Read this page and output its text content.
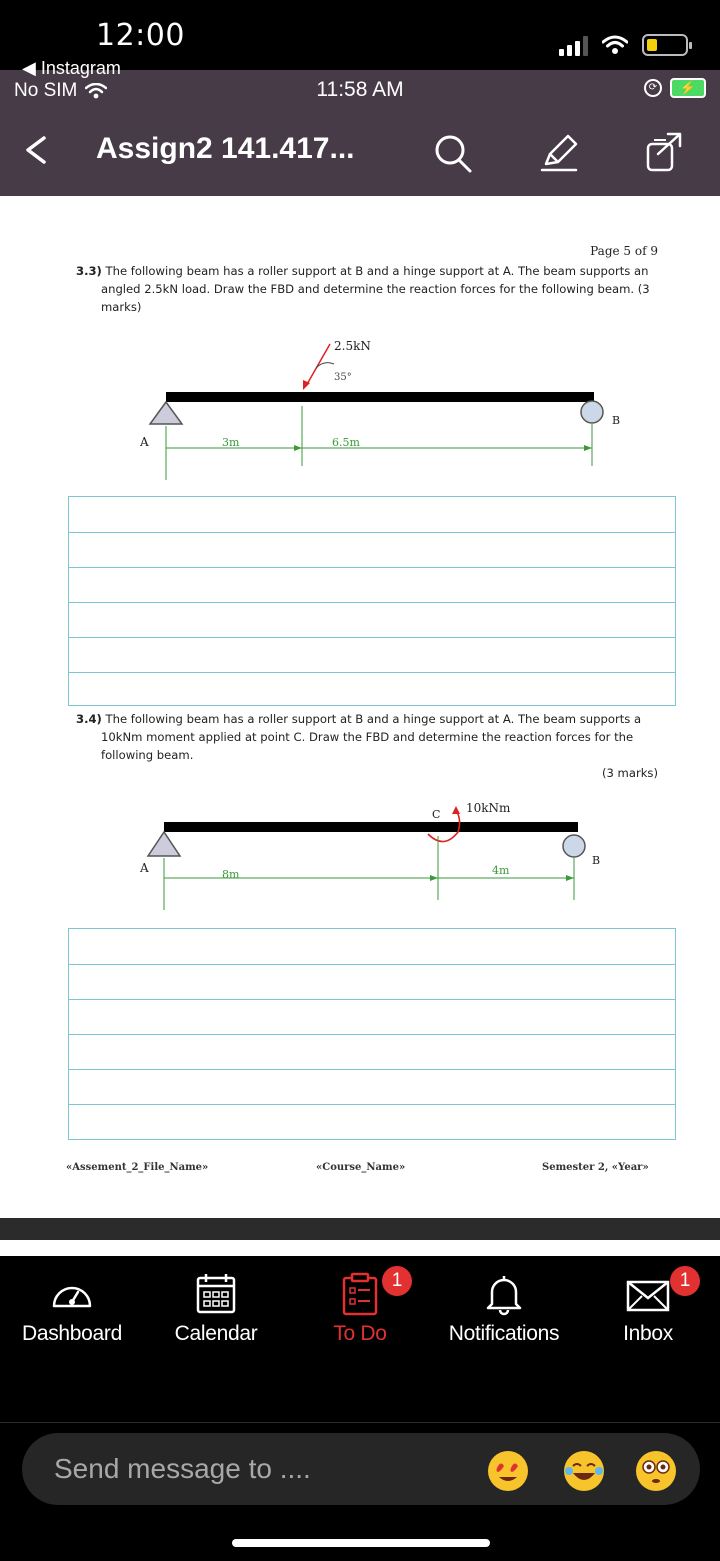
12:00
◀ Instagram
No SIM	11:58 AM	⟳	⚡
Assign2 141.417...
Page 5 of 9
3.3) The following beam has a roller support at B and a hinge support at A. The beam supports an angled 2.5kN load. Draw the FBD and determine the reaction forces for the following beam. (3 marks)
2.5kN
35°
A
B
3m	6.5m
3.4) The following beam has a roller support at B and a hinge support at A. The beam supports a 10kNm moment applied at point C. Draw the FBD and determine the reaction forces for the following beam.
(3 marks)
C 10kNm
A
B
8m	4m
«Assement_2_File_Name»	«Course_Name»	Semester 2, «Year»
Dashboard	Calendar
1
To Do	Notifications
1
Inbox
Send message to ....
